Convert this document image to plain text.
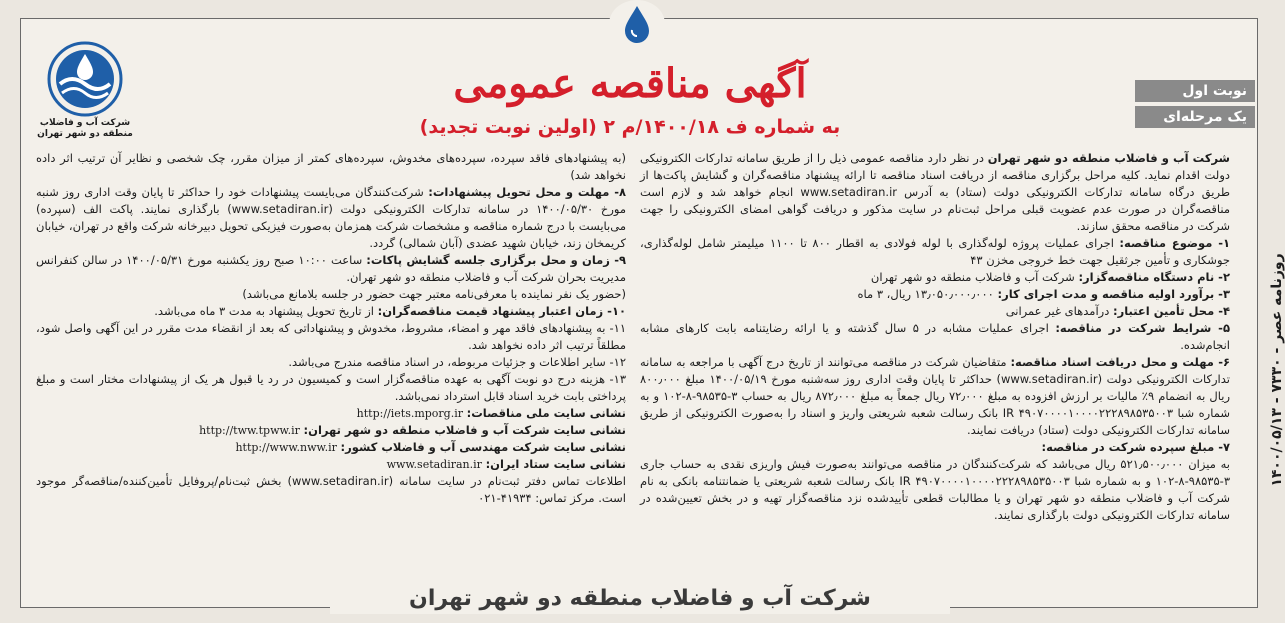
شرکت آب و فاضلاب
منطقه دو شهر تهران
نوبت اول
یک مرحله‌ای
آگهی مناقصه عمومی
به شماره ف ۱۴۰۰/۱۸/م ۲ (اولین نوبت تجدید)

شرکت آب و فاضلاب منطقه دو شهر تهران در نظر دارد مناقصه عمومی ذیل را از طریق سامانه تدارکات الکترونیکی دولت اقدام نماید. کلیه مراحل برگزاری مناقصه از دریافت اسناد مناقصه تا ارائه پیشنهاد مناقصه‌گران و گشایش پاکت‌ها از طریق درگاه سامانه تدارکات الکترونیکی دولت (ستاد) به آدرس www.setadiran.ir انجام خواهد شد و لازم است مناقصه‌گران در صورت عدم عضویت قبلی مراحل ثبت‌نام در سایت مذکور و دریافت گواهی امضای الکترونیکی را جهت شرکت در مناقصه محقق سازند.

۱- موضوع مناقصه: اجرای عملیات پروژه لوله‌گذاری با لوله فولادی به اقطار ۸۰۰ تا ۱۱۰۰ میلیمتر شامل لوله‌گذاری، جوشکاری و تأمین جرثقیل جهت خط خروجی مخزن ۴۳

۲- نام دستگاه مناقصه‌گزار: شرکت آب و فاضلاب منطقه دو شهر تهران

۳- برآورد اولیه مناقصه و مدت اجرای کار: ۱۳٫۰۵۰٫۰۰۰٫۰۰۰ ریال، ۳ ماه

۴- محل تأمین اعتبار: درآمدهای غیر عمرانی

۵- شرایط شرکت در مناقصه: اجرای عملیات مشابه در ۵ سال گذشته و یا ارائه رضایتنامه بابت کارهای مشابه انجام‌شده.

۶- مهلت و محل دریافت اسناد مناقصه: متقاضیان شرکت در مناقصه می‌توانند از تاریخ درج آگهی با مراجعه به سامانه تدارکات الکترونیکی دولت (www.setadiran.ir) حداکثر تا پایان وقت اداری روز سه‌شنبه مورخ ۱۴۰۰/۰۵/۱۹ مبلغ ۸۰۰٫۰۰۰ ریال به انضمام ۹٪ مالیات بر ارزش افزوده به مبلغ ۷۲٫۰۰۰ ریال جمعاً به مبلغ ۸۷۲٫۰۰۰ ریال به حساب ۳-۹۸۵۳۵-۸-۱۰۲ و به شماره شبا IR ۴۹۰۷۰۰۰۰۱۰۰۰۰۲۲۲۸۹۸۵۳۵۰۰۳ بانک رسالت شعبه شریعتی واریز و اسناد را به‌صورت الکترونیکی از طریق سامانه تدارکات الکترونیکی دولت (ستاد) دریافت نمایند.

۷- مبلغ سپرده شرکت در مناقصه:

به میزان ۵۲۱٫۵۰۰٫۰۰۰ ریال می‌باشد که شرکت‌کنندگان در مناقصه می‌توانند به‌صورت فیش واریزی نقدی به حساب جاری ۳-۹۸۵۳۵-۸-۱۰۲ و به شماره شبا IR ۴۹۰۷۰۰۰۰۱۰۰۰۰۲۲۲۸۹۸۵۳۵۰۰۳ بانک رسالت شعبه شریعتی یا ضمانتنامه بانکی به نام شرکت آب و فاضلاب منطقه دو شهر تهران و یا مطالبات قطعی تأییدشده نزد مناقصه‌گزار تهیه و در بخش تعیین‌شده در سامانه تدارکات الکترونیکی دولت بارگذاری نمایند.

(به پیشنهادهای فاقد سپرده، سپرده‌های مخدوش، سپرده‌های کمتر از میزان مقرر، چک شخصی و نظایر آن ترتیب اثر داده نخواهد شد)

۸- مهلت و محل تحویل پیشنهادات: شرکت‌کنندگان می‌بایست پیشنهادات خود را حداکثر تا پایان وقت اداری روز شنبه مورخ ۱۴۰۰/۰۵/۳۰ در سامانه تدارکات الکترونیکی دولت (www.setadiran.ir) بارگذاری نمایند. پاکت الف (سپرده) می‌بایست با درج شماره مناقصه و مشخصات شرکت همزمان به‌صورت فیزیکی تحویل دبیرخانه شرکت واقع در تهران، خیابان کریمخان زند، خیابان شهید عضدی (آبان شمالی) گردد.

۹- زمان و محل برگزاری جلسه گشایش پاکات: ساعت ۱۰:۰۰ صبح روز یکشنبه مورخ ۱۴۰۰/۰۵/۳۱ در سالن کنفرانس مدیریت بحران شرکت آب و فاضلاب منطقه دو شهر تهران.

(حضور یک نفر نماینده با معرفی‌نامه معتبر جهت حضور در جلسه بلامانع می‌باشد)

۱۰- زمان اعتبار پیشنهاد قیمت مناقصه‌گران: از تاریخ تحویل پیشنهاد به مدت ۳ ماه می‌باشد.

۱۱- به پیشنهادهای فاقد مهر و امضاء، مشروط، مخدوش و پیشنهاداتی که بعد از انقضاء مدت مقرر در این آگهی واصل شود، مطلقاً ترتیب اثر داده نخواهد شد.

۱۲- سایر اطلاعات و جزئیات مربوطه، در اسناد مناقصه مندرج می‌باشد.

۱۳- هزینه درج دو نوبت آگهی به عهده مناقصه‌گزار است و کمیسیون در رد یا قبول هر یک از پیشنهادات مختار است و مبلغ پرداختی بابت خرید اسناد قابل استرداد نمی‌باشد.

نشانی سایت ملی مناقصات: http://iets.mporg.ir
نشانی سایت شرکت آب و فاضلاب منطقه دو شهر تهران: http://tww.tpww.ir
نشانی سایت شرکت مهندسی آب و فاضلاب کشور: http://www.nww.ir
نشانی سایت ستاد ایران: www.setadiran.ir

اطلاعات تماس دفتر ثبت‌نام در سایت سامانه (www.setadiran.ir) بخش ثبت‌نام/پروفایل تأمین‌کننده/مناقصه‌گر موجود است. مرکز تماس: ۴۱۹۳۴-۰۲۱

شرکت آب و فاضلاب منطقه دو شهر تهران
روزنامه عصر - ۷۳۳۰ - ۱۴۰۰/۰۵/۱۳
